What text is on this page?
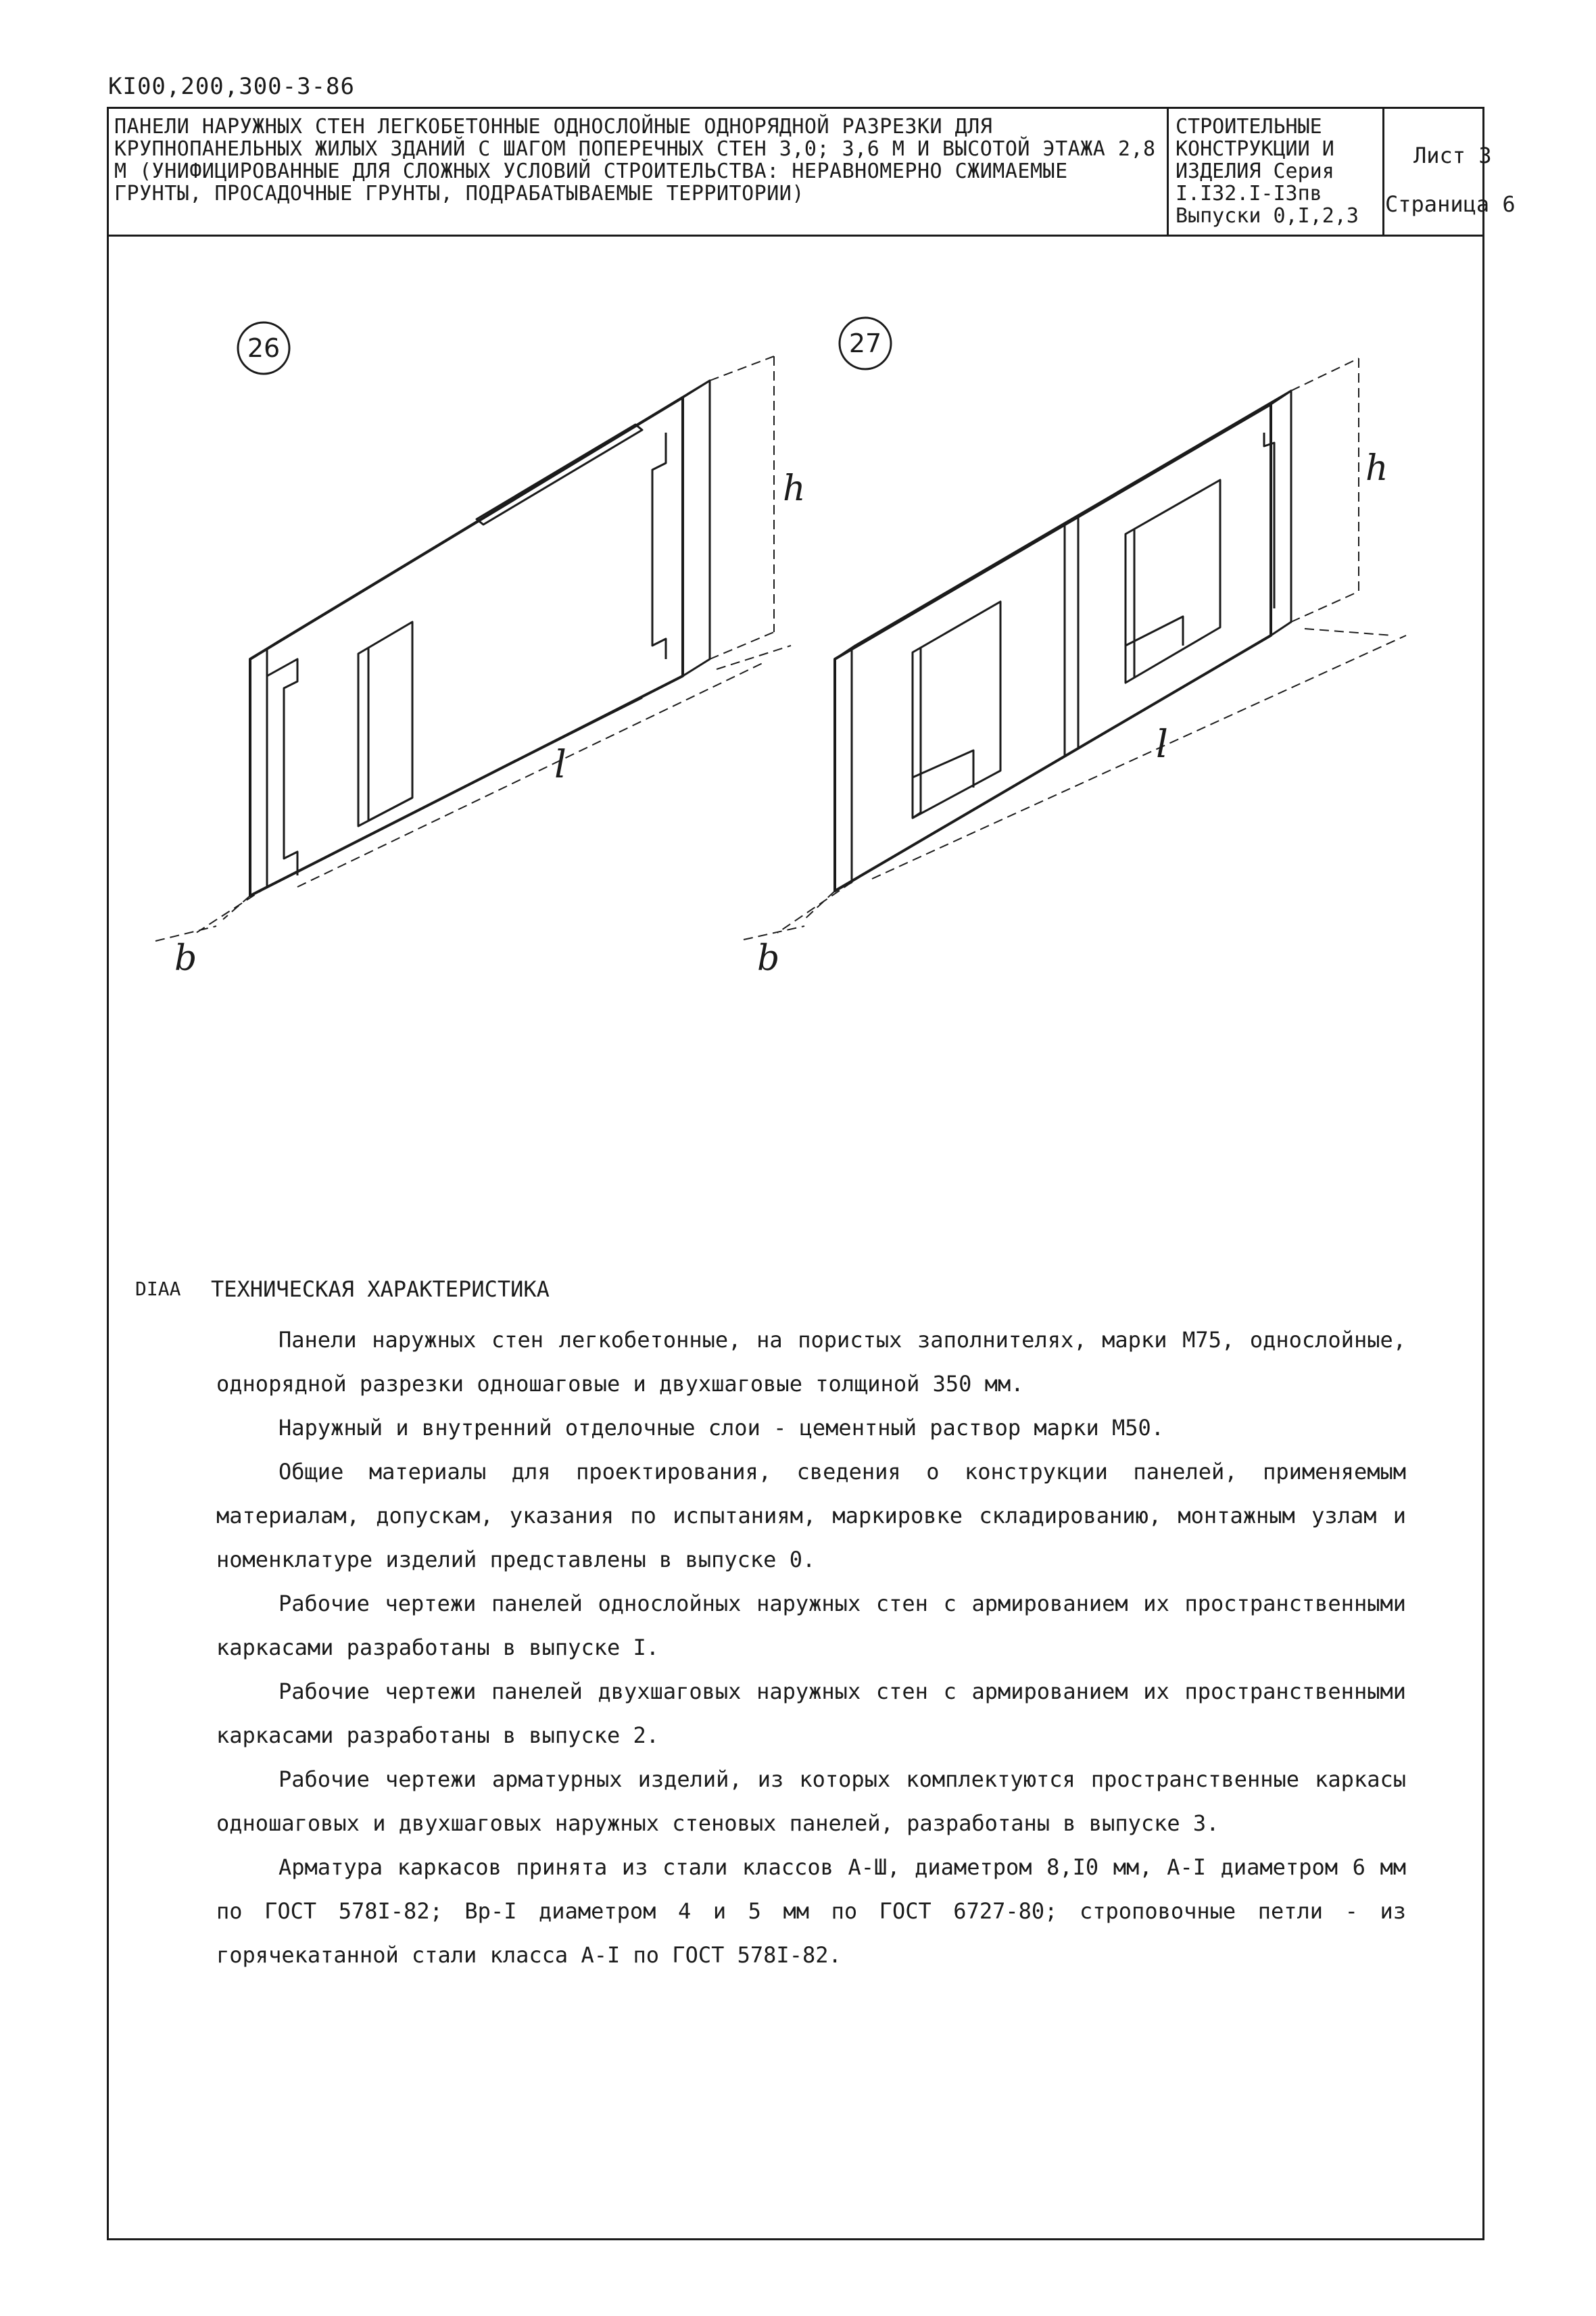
КI00,200,300-3-86
ПАНЕЛИ НАРУЖНЫХ СТЕН ЛЕГКОБЕТОННЫЕ ОДНОСЛОЙНЫЕ ОДНОРЯДНОЙ РАЗРЕЗКИ ДЛЯ КРУПНОПАНЕЛЬНЫХ ЖИЛЫХ ЗДАНИЙ С ШАГОМ ПОПЕРЕЧНЫХ СТЕН 3,0; 3,6 М И ВЫСОТОЙ ЭТАЖА 2,8 М (УНИФИЦИРОВАННЫЕ ДЛЯ СЛОЖНЫХ УСЛОВИЙ СТРОИТЕЛЬСТВА: НЕРАВНОМЕРНО СЖИМАЕМЫЕ ГРУНТЫ, ПРОСАДОЧНЫЕ ГРУНТЫ, ПОДРАБАТЫВАЕМЫЕ ТЕРРИТОРИИ)
СТРОИТЕЛЬНЫЕ
КОНСТРУКЦИИ И
ИЗДЕЛИЯ Серия
I.I32.I-I3пв
Выпуски 0,I,2,3
Лист 3
Страница 6
26
h
l
b
27
h
l
b
DIAA ТЕХНИЧЕСКАЯ ХАРАКТЕРИСТИКА

Панели наружных стен легкобетонные, на пористых заполнителях, марки М75, однослойные, однорядной разрезки одношаговые и двухшаговые толщиной 350 мм.

Наружный и внутренний отделочные слои - цементный раствор марки М50.

Общие материалы для проектирования, сведения о конструкции панелей, применяемым материалам, допускам, указания по испытаниям, маркировке складированию, монтажным узлам и номенклатуре изделий представлены в выпуске 0.

Рабочие чертежи панелей однослойных наружных стен с армированием их пространственными каркасами разработаны в выпуске I.

Рабочие чертежи панелей двухшаговых наружных стен с армированием их пространственными каркасами разработаны в выпуске 2.

Рабочие чертежи арматурных изделий, из которых комплектуются пространственные каркасы одношаговых и двухшаговых наружных стеновых панелей, разработаны в выпуске 3.

Арматура каркасов принята из стали классов А-Ш, диаметром 8,I0 мм, А-I диаметром 6 мм по ГОСТ 578I-82; Вр-I диаметром 4 и 5 мм по ГОСТ 6727-80; строповочные петли - из горячекатанной стали класса А-I по ГОСТ 578I-82.
